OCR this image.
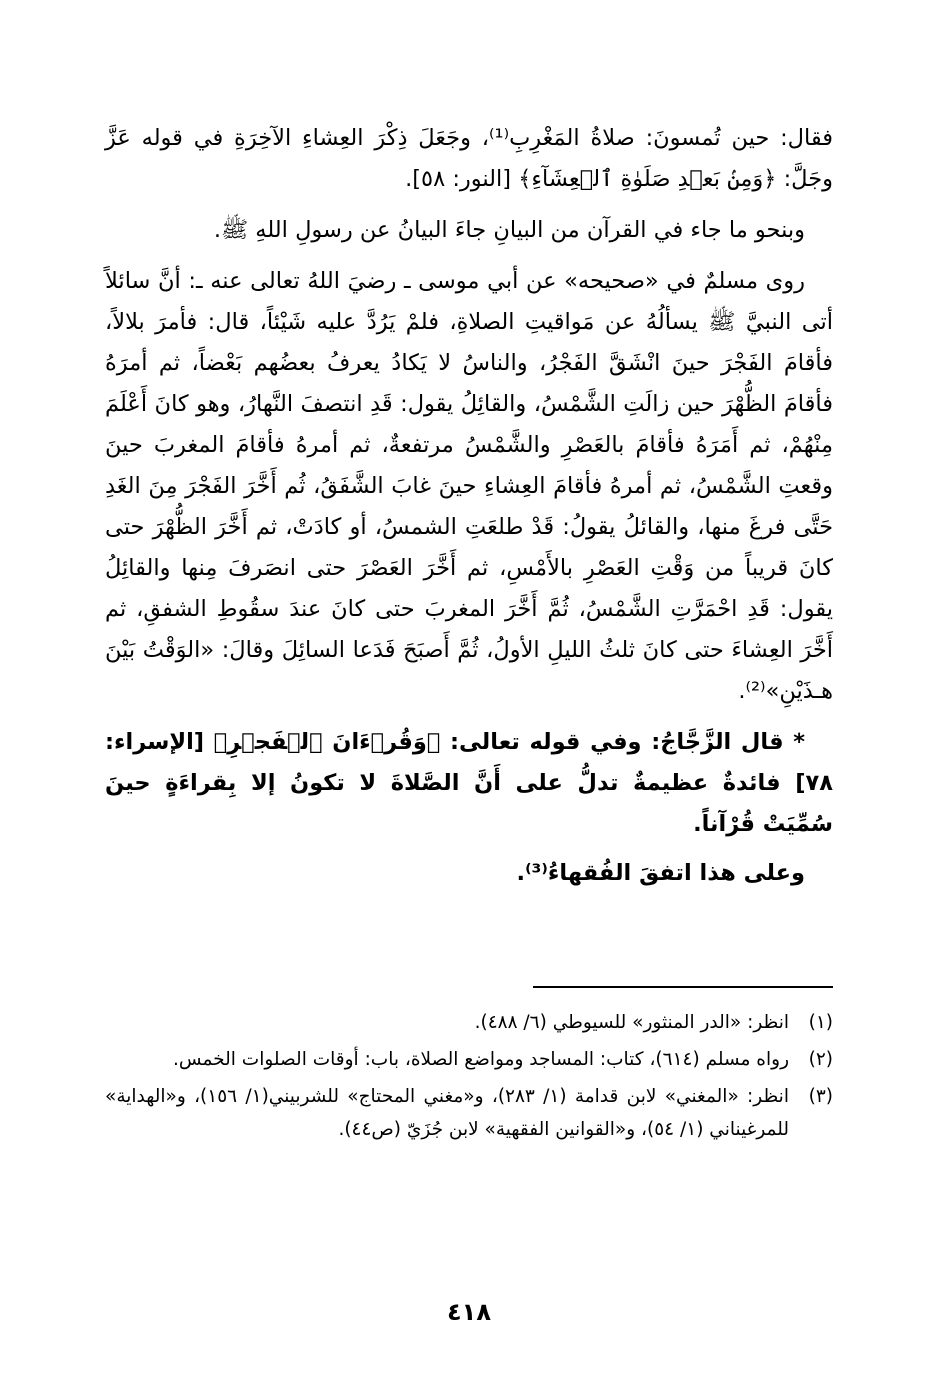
فقال: حين تُمسونَ: صلاةُ المَغْرِبِ⁽¹⁾، وجَعَلَ ذِكْرَ العِشاءِ الآخِرَةِ في قوله عَزَّ وجَلَّ: ﴿وَمِنۢ بَعۡدِ صَلَوٰةِ ٱلۡعِشَآءِ﴾ [النور: ٥٨].

وبنحو ما جاء في القرآن من البيانِ جاءَ البيانُ عن رسولِ اللهِ ﷺ.

روى مسلمٌ في «صحيحه» عن أبي موسى ـ رضيَ اللهُ تعالى عنه ـ: أنَّ سائلاً أتى النبيَّ ﷺ يسألُهُ عن مَواقيتِ الصلاةِ، فلمْ يَرُدَّ عليه شَيْئاً، قال: فأمرَ بلالاً، فأقامَ الفَجْرَ حينَ انْشَقَّ الفَجْرُ، والناسُ لا يَكادُ يعرفُ بعضُهم بَعْضاً، ثم أمرَهُ فأقامَ الظُّهْرَ حين زالَتِ الشَّمْسُ، والقائِلُ يقول: قَدِ انتصفَ النَّهارُ، وهو كانَ أَعْلَمَ مِنْهُمْ، ثم أَمَرَهُ فأقامَ بالعَصْرِ والشَّمْسُ مرتفعةٌ، ثم أمرهُ فأقامَ المغربَ حينَ وقعتِ الشَّمْسُ، ثم أمرهُ فأقامَ العِشاءِ حينَ غابَ الشَّفَقُ، ثُم أَخَّرَ الفَجْرَ مِنَ الغَدِ حَتَّى فرغَ منها، والقائلُ يقولُ: قَدْ طلعَتِ الشمسُ، أو كادَتْ، ثم أَخَّرَ الظُّهْرَ حتى كانَ قريباً من وَقْتِ العَصْرِ بالأَمْسِ، ثم أَخَّرَ العَصْرَ حتى انصَرفَ مِنها والقائِلُ يقول: قَدِ احْمَرَّتِ الشَّمْسُ، ثُمَّ أَخَّرَ المغربَ حتى كانَ عندَ سقُوطِ الشفقِ، ثم أَخَّرَ العِشاءَ حتى كانَ ثلثُ الليلِ الأولُ، ثُمَّ أَصبَحَ فَدَعا السائِلَ وقالَ: «الوَقْتُ بَيْنَ هـذَيْنِ»⁽²⁾.

* قال الزَّجَّاجُ: وفي قوله تعالى: ﴿وَقُرۡءَانَ ٱلۡفَجۡرِ﴾ [الإسراء: ٧٨] فائدةٌ عظيمةٌ تدلُّ على أَنَّ الصَّلاةَ لا تكونُ إلا بِقراءَةٍ حينَ سُمِّيَتْ قُرْآناً.

وعلى هذا اتفقَ الفُقهاءُ⁽³⁾.

(١)
انظر: «الدر المنثور» للسيوطي (٦/ ٤٨٨).
(٢)
رواه مسلم (٦١٤)، كتاب: المساجد ومواضع الصلاة، باب: أوقات الصلوات الخمس.
(٣)
انظر: «المغني» لابن قدامة (١/ ٢٨٣)، و«مغني المحتاج» للشربيني(١/ ١٥٦)، و«الهداية» للمرغيناني (١/ ٥٤)، و«القوانين الفقهية» لابن جُزَيّ (ص٤٤).
٤١٨
